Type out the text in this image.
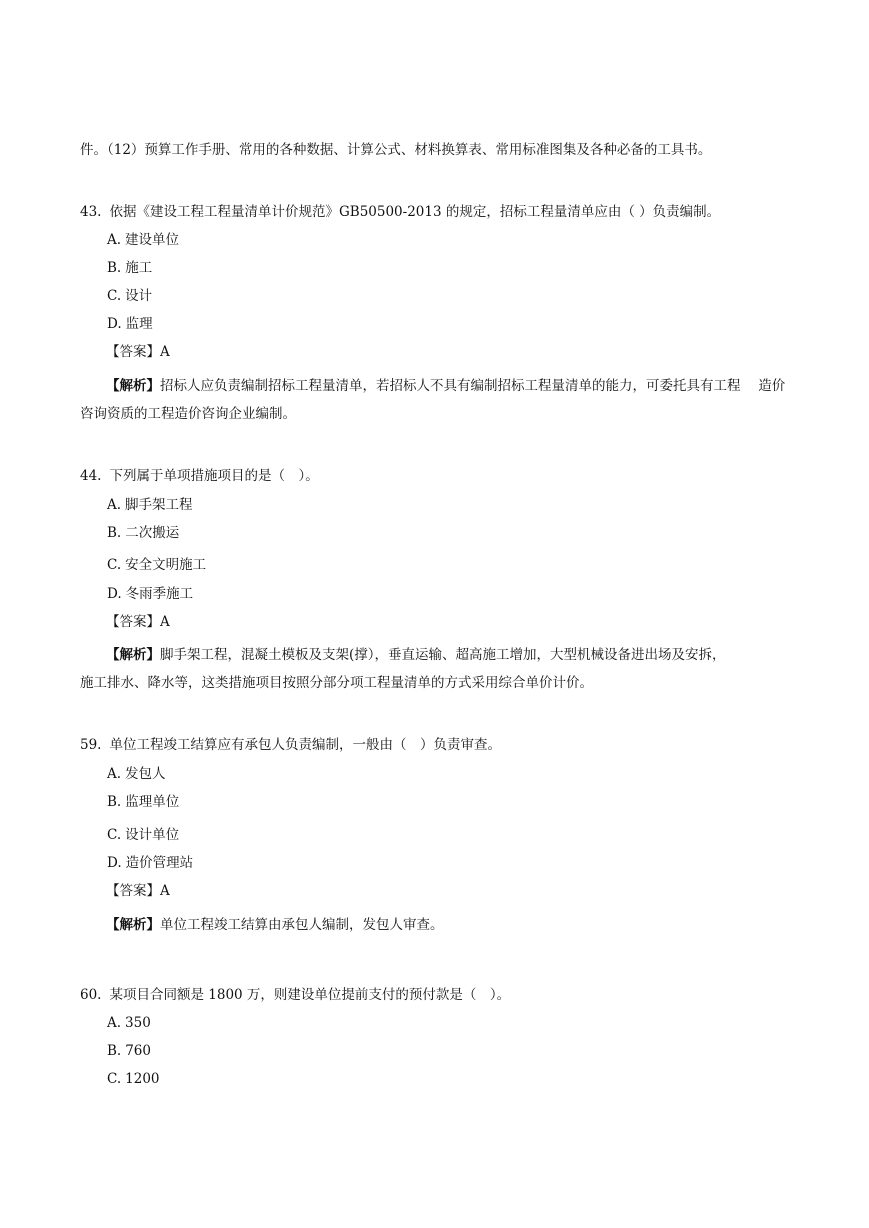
件。（12）预算工作手册、常用的各种数据、计算公式、材料换算表、常用标准图集及各种必备的工具书。
43. 依据《建设工程工程量清单计价规范》GB50500-2013 的规定，招标工程量清单应由（ ）负责编制。
A. 建设单位
B. 施工
C. 设计
D. 监理
【答案】A
【解析】招标人应负责编制招标工程量清单，若招标人不具有编制招标工程量清单的能力，可委托具有工程　 造价
咨询资质的工程造价咨询企业编制。
44. 下列属于单项措施项目的是（　）。
A. 脚手架工程
B. 二次搬运
C. 安全文明施工
D. 冬雨季施工
【答案】A
【解析】脚手架工程，混凝土模板及支架(撑），垂直运输、超高施工增加，大型机械设备进出场及安拆，
施工排水、降水等，这类措施项目按照分部分项工程量清单的方式采用综合单价计价。
59. 单位工程竣工结算应有承包人负责编制，一般由（　）负责审查。
A. 发包人
B. 监理单位
C. 设计单位
D. 造价管理站
【答案】A
【解析】单位工程竣工结算由承包人编制，发包人审查。
60. 某项目合同额是 1800 万，则建设单位提前支付的预付款是（　）。
A. 350
B. 760
C. 1200
